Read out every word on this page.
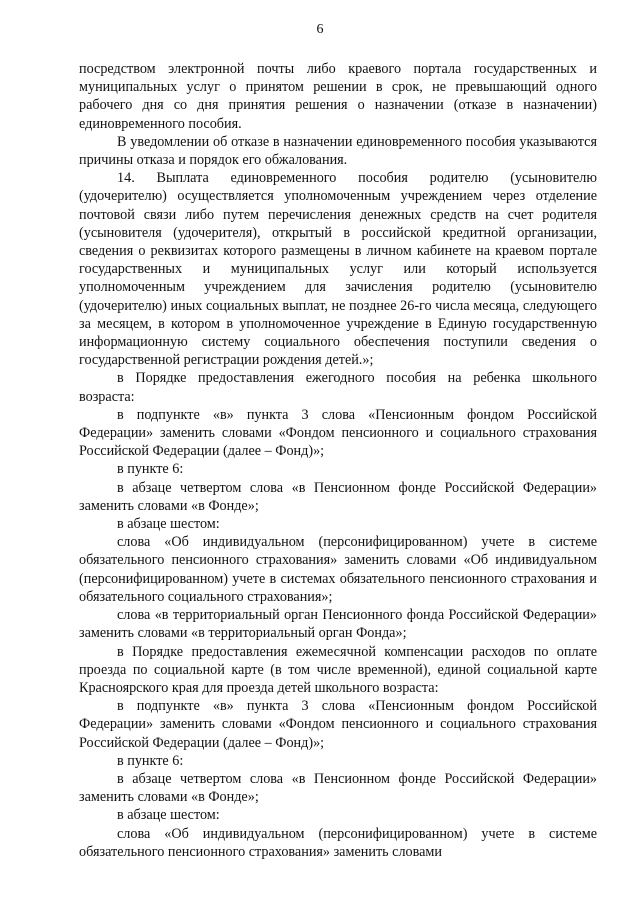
6

посредством электронной почты либо краевого портала государственных и муниципальных услуг о принятом решении в срок, не превышающий одного рабочего дня со дня принятия решения о назначении (отказе в назначении) единовременного пособия.

В уведомлении об отказе в назначении единовременного пособия указываются причины отказа и порядок его обжалования.

14. Выплата единовременного пособия родителю (усыновителю (удочерителю) осуществляется уполномоченным учреждением через отделение почтовой связи либо путем перечисления денежных средств на счет родителя (усыновителя (удочерителя), открытый в российской кредитной организации, сведения о реквизитах которого размещены в личном кабинете на краевом портале государственных и муниципальных услуг или который используется уполномоченным учреждением для зачисления родителю (усыновителю (удочерителю) иных социальных выплат, не позднее 26-го числа месяца, следующего за месяцем, в котором в уполномоченное учреждение в Единую государственную информационную систему социального обеспечения поступили сведения о государственной регистрации рождения детей.»;

в Порядке предоставления ежегодного пособия на ребенка школьного возраста:

в подпункте «в» пункта 3 слова «Пенсионным фондом Российской Федерации» заменить словами «Фондом пенсионного и социального страхования Российской Федерации (далее – Фонд)»;

в пункте 6:

в абзаце четвертом слова «в Пенсионном фонде Российской Федерации» заменить словами «в Фонде»;

в абзаце шестом:

слова «Об индивидуальном (персонифицированном) учете в системе обязательного пенсионного страхования» заменить словами «Об индивидуальном (персонифицированном) учете в системах обязательного пенсионного страхования и обязательного социального страхования»;

слова «в территориальный орган Пенсионного фонда Российской Федерации» заменить словами «в территориальный орган Фонда»;

в Порядке предоставления ежемесячной компенсации расходов по оплате проезда по социальной карте (в том числе временной), единой социальной карте Красноярского края для проезда детей школьного возраста:

в подпункте «в» пункта 3 слова «Пенсионным фондом Российской Федерации» заменить словами «Фондом пенсионного и социального страхования Российской Федерации (далее – Фонд)»;

в пункте 6:

в абзаце четвертом слова «в Пенсионном фонде Российской Федерации» заменить словами «в Фонде»;

в абзаце шестом:

слова «Об индивидуальном (персонифицированном) учете в системе обязательного пенсионного страхования» заменить словами
